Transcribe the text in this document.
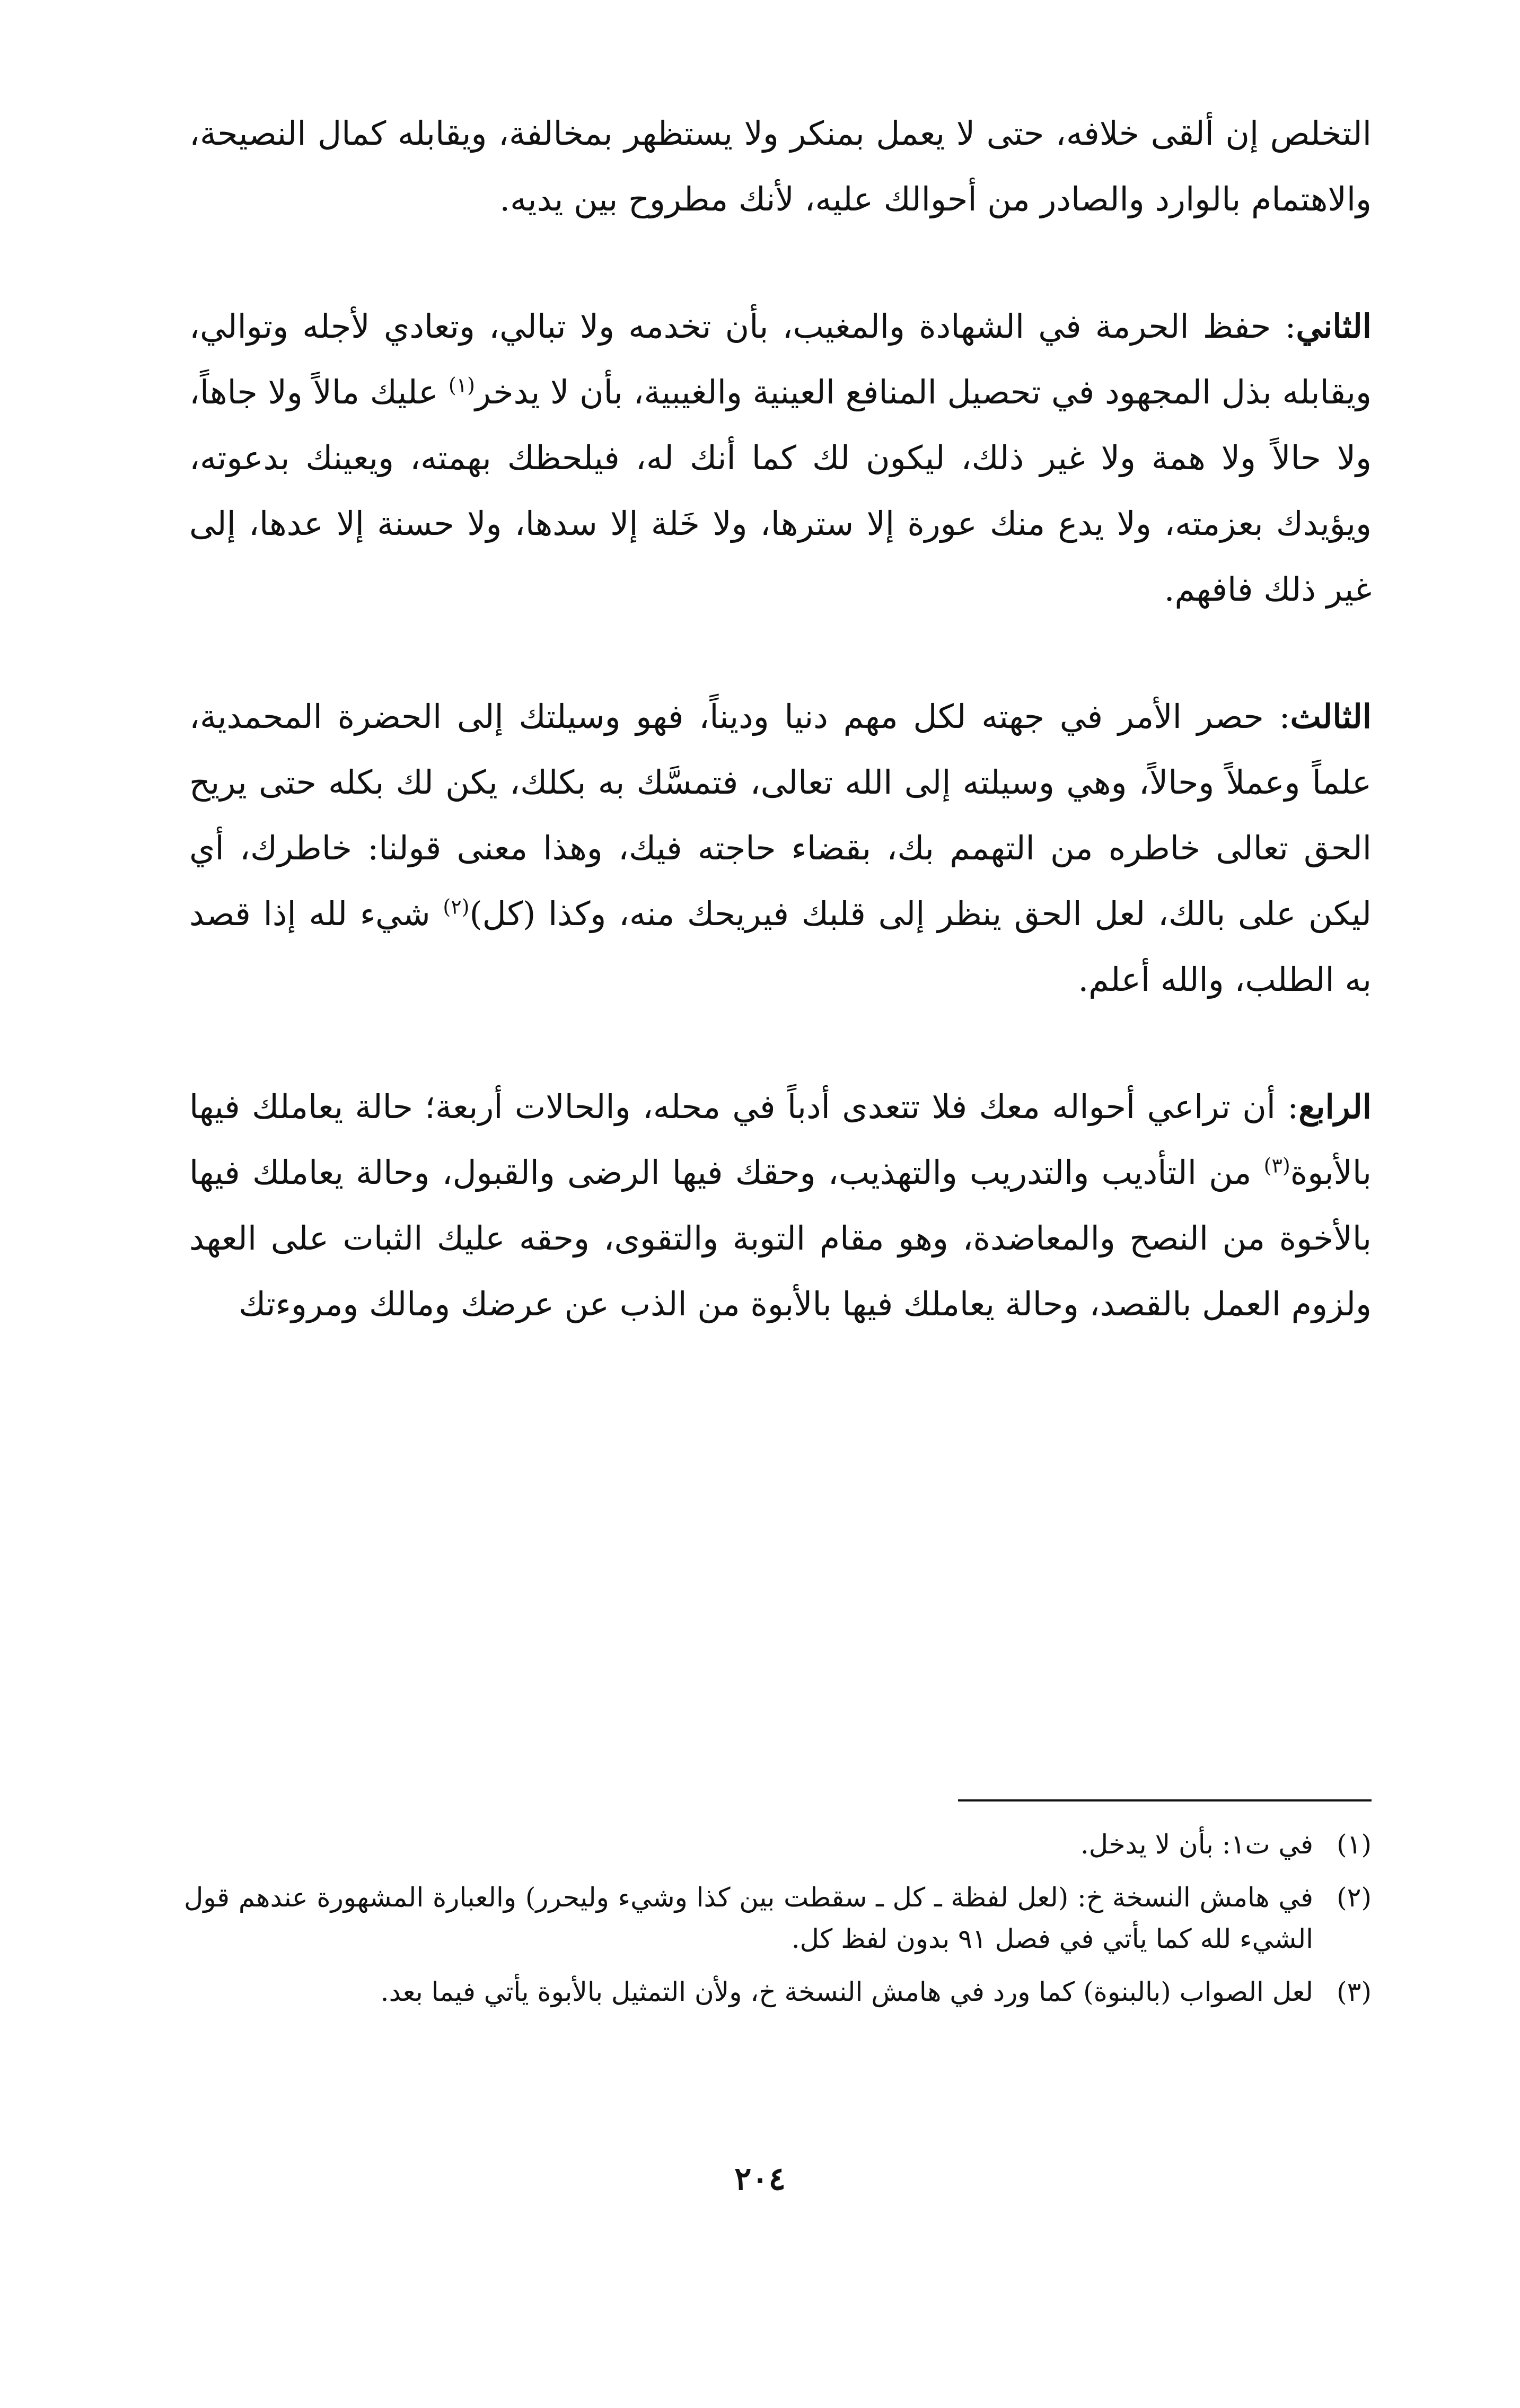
التخلص إن ألقى خلافه، حتى لا يعمل بمنكر ولا يستظهر بمخالفة، ويقابله كمال النصيحة، والاهتمام بالوارد والصادر من أحوالك عليه، لأنك مطروح بين يديه.

الثاني: حفظ الحرمة في الشهادة والمغيب، بأن تخدمه ولا تبالي، وتعادي لأجله وتوالي، ويقابله بذل المجهود في تحصيل المنافع العينية والغيبية، بأن لا يدخر$^{(١)}$ عليك مالاً ولا جاهاً، ولا حالاً ولا همة ولا غير ذلك، ليكون لك كما أنك له، فيلحظك بهمته، ويعينك بدعوته، ويؤيدك بعزمته، ولا يدع منك عورة إلا سترها، ولا خَلة إلا سدها، ولا حسنة إلا عدها، إلى غير ذلك فافهم.

الثالث: حصر الأمر في جهته لكل مهم دنيا وديناً، فهو وسيلتك إلى الحضرة المحمدية، علماً وعملاً وحالاً، وهي وسيلته إلى الله تعالى، فتمسَّك به بكلك، يكن لك بكله حتى يريح الحق تعالى خاطره من التهمم بك، بقضاء حاجته فيك، وهذا معنى قولنا: خاطرك، أي ليكن على بالك، لعل الحق ينظر إلى قلبك فيريحك منه، وكذا (كل)$^{(٢)}$ شيء لله إذا قصد به الطلب، والله أعلم.

الرابع: أن تراعي أحواله معك فلا تتعدى أدباً في محله، والحالات أربعة؛ حالة يعاملك فيها بالأبوة$^{(٣)}$ من التأديب والتدريب والتهذيب، وحقك فيها الرضى والقبول، وحالة يعاملك فيها بالأخوة من النصح والمعاضدة، وهو مقام التوبة والتقوى، وحقه عليك الثبات على العهد ولزوم العمل بالقصد، وحالة يعاملك فيها بالأبوة من الذب عن عرضك ومالك ومروءتك

(١)
في ت١: بأن لا يدخل.
(٢)
في هامش النسخة خ: (لعل لفظة ـ كل ـ سقطت بين كذا وشيء وليحرر) والعبارة المشهورة عندهم قول الشيء لله كما يأتي في فصل ٩١ بدون لفظ كل.
(٣)
لعل الصواب (بالبنوة) كما ورد في هامش النسخة خ، ولأن التمثيل بالأبوة يأتي فيما بعد.
٢٠٤
